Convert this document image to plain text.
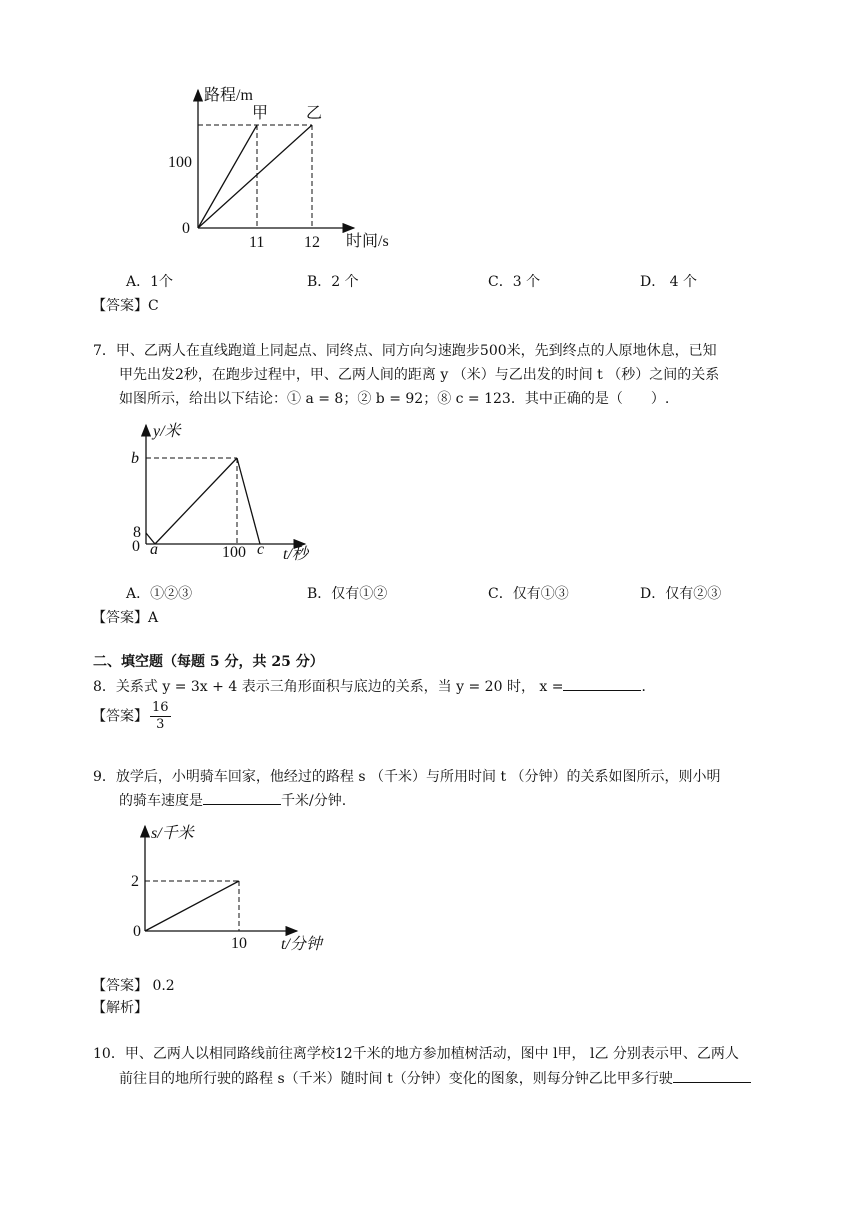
路程/m
时间/s
100
0
11 12
甲 乙
A．1个	B．2 个	C．3 个	D． 4 个
【答案】C
7．甲、乙两人在直线跑道上同起点、同终点、同方向匀速跑步500米，先到终点的人原地休息，已知
甲先出发2秒，在跑步过程中，甲、乙两人间的距离 y （米）与乙出发的时间 t （秒）之间的关系
如图所示，给出以下结论：① a = 8；② b = 92；⑧ c = 123．其中正确的是（　　）.
y/米
t/秒
b
8
0 a	100 c
A．①②③	B．仅有①②	C．仅有①③	D．仅有②③
【答案】A
二、填空题（每题 5 分，共 25 分）
8．关系式 y = 3x + 4 表示三角形面积与底边的关系，当 y = 20 时， x =	．
【答案】 $\frac{16}{3}$
9．放学后，小明骑车回家，他经过的路程 s （千米）与所用时间 t （分钟）的关系如图所示，则小明
的骑车速度是	千米/分钟.
s/千米
t/分钟
2
0
10
【答案】 0.2
【解析】
10．甲、乙两人以相同路线前往离学校12千米的地方参加植树活动，图中 l甲， l乙 分别表示甲、乙两人
前往目的地所行驶的路程 s（千米）随时间 t（分钟）变化的图象，则每分钟乙比甲多行驶
